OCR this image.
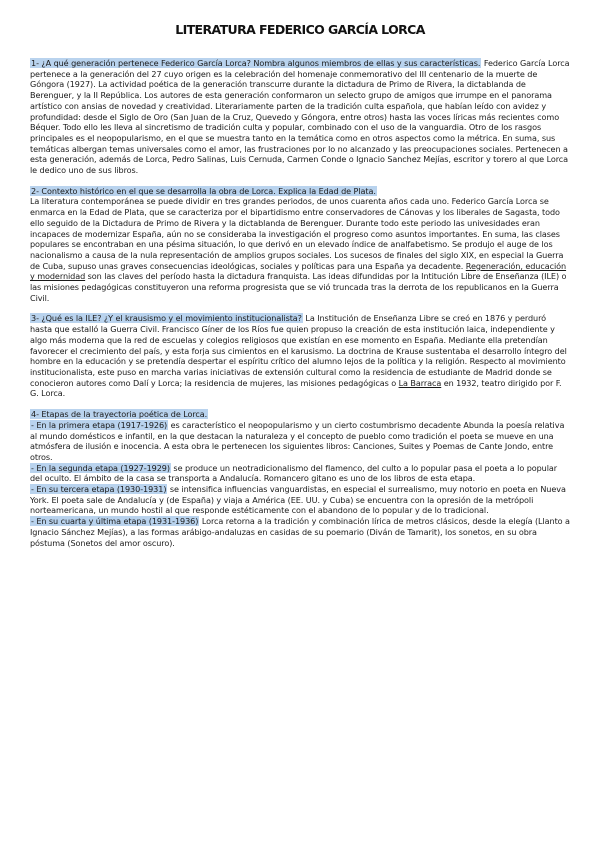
LITERATURA FEDERICO GARCÍA LORCA

1- ¿A qué generación pertenece Federico García Lorca? Nombra algunos miembros de ellas y sus características. Federico García Lorca pertenece a la generación del 27 cuyo origen es la celebración del homenaje conmemorativo del III centenario de la muerte de Góngora (1927). La actividad poética de la generación transcurre durante la dictadura de Primo de Rivera, la dictablanda de Berenguer, y la II República. Los autores de esta generación conformaron un selecto grupo de amigos que irrumpe en el panorama artístico con ansias de novedad y creatividad. Literariamente parten de la tradición culta española, que habían leído con avidez y profundidad: desde el Siglo de Oro (San Juan de la Cruz, Quevedo y Góngora, entre otros) hasta las voces líricas más recientes como Béquer. Todo ello les lleva al sincretismo de tradición culta y popular, combinado con el uso de la vanguardia. Otro de los rasgos principales es el neopopularismo, en el que se muestra tanto en la temática como en otros aspectos como la métrica. En suma, sus temáticas albergan temas universales como el amor, las frustraciones por lo no alcanzado y las preocupaciones sociales. Pertenecen a esta generación, además de Lorca, Pedro Salinas, Luis Cernuda, Carmen Conde o Ignacio Sanchez Mejías, escritor y torero al que Lorca le dedico uno de sus libros.

2- Contexto histórico en el que se desarrolla la obra de Lorca. Explica la Edad de Plata.
La literatura contemporánea se puede dividir en tres grandes periodos, de unos cuarenta años cada uno. Federico García Lorca se enmarca en la Edad de Plata, que se caracteriza por el bipartidismo entre conservadores de Cánovas y los liberales de Sagasta, todo ello seguido de la Dictadura de Primo de Rivera y la dictablanda de Berenguer. Durante todo este periodo las univesidades eran incapaces de modernizar España, aún no se consideraba la investigación el progreso como asuntos importantes. En suma, las clases populares se encontraban en una pésima situación, lo que derivó en un elevado índice de analfabetismo. Se produjo el auge de los nacionalismo a causa de la nula representación de amplios grupos sociales. Los sucesos de finales del siglo XIX, en especial la Guerra de Cuba, supuso unas graves consecuencias ideológicas, sociales y políticas para una España ya decadente. Regeneración, educación y modernidad son las claves del período hasta la dictadura franquista. Las ideas difundidas por la Intitución Libre de Enseñanza (ILE) o las misiones pedagógicas constituyeron una reforma progresista que se vió truncada tras la derrota de los republicanos en la Guerra Civil.

3- ¿Qué es la ILE? ¿Y el krausismo y el movimiento institucionalista? La Institución de Enseñanza Libre se creó en 1876 y perduró hasta que estalló la Guerra Civil. Francisco Gíner de los Ríos fue quien propuso la creación de esta institución laica, independiente y algo más moderna que la red de escuelas y colegios religiosos que existían en ese momento en España. Mediante ella pretendían favorecer el crecimiento del país, y esta forja sus cimientos en el karusismo. La doctrina de Krause sustentaba el desarrollo íntegro del hombre en la educación y se pretendía despertar el espíritu crítico del alumno lejos de la política y la religión. Respecto al movimiento institucionalista, este puso en marcha varias iniciativas de extensión cultural como la residencia de estudiante de Madrid donde se conocieron autores como Dalí y Lorca; la residencia de mujeres, las misiones pedagógicas o La Barraca en 1932, teatro dirigido por F. G. Lorca.

4- Etapas de la trayectoria poética de Lorca.
- En la primera etapa (1917-1926) es característico el neopopularismo y un cierto costumbrismo decadente Abunda la poesía relativa al mundo domésticos e infantil, en la que destacan la naturaleza y el concepto de pueblo como tradición el poeta se mueve en una atmósfera de ilusión e inocencia. A esta obra le pertenecen los siguientes libros: Canciones, Suites y Poemas de Cante Jondo, entre otros.
- En la segunda etapa (1927-1929) se produce un neotradicionalismo del flamenco, del culto a lo popular pasa el poeta a lo popular del oculto. El ámbito de la casa se transporta a Andalucía. Romancero gitano es uno de los libros de esta etapa.
- En su tercera etapa (1930-1931) se intensifica influencias vanguardistas, en especial el surrealismo, muy notorio en poeta en Nueva York. El poeta sale de Andalucía y (de España) y viaja a América (EE. UU. y Cuba) se encuentra con la opresión de la metrópoli norteamericana, un mundo hostil al que responde estéticamente con el abandono de lo popular y de lo tradicional.
- En su cuarta y última etapa (1931-1936) Lorca retorna a la tradición y combinación lírica de metros clásicos, desde la elegía (Llanto a Ignacio Sánchez Mejías), a las formas arábigo-andaluzas en casidas de su poemario (Diván de Tamarit), los sonetos, en su obra póstuma (Sonetos del amor oscuro).
